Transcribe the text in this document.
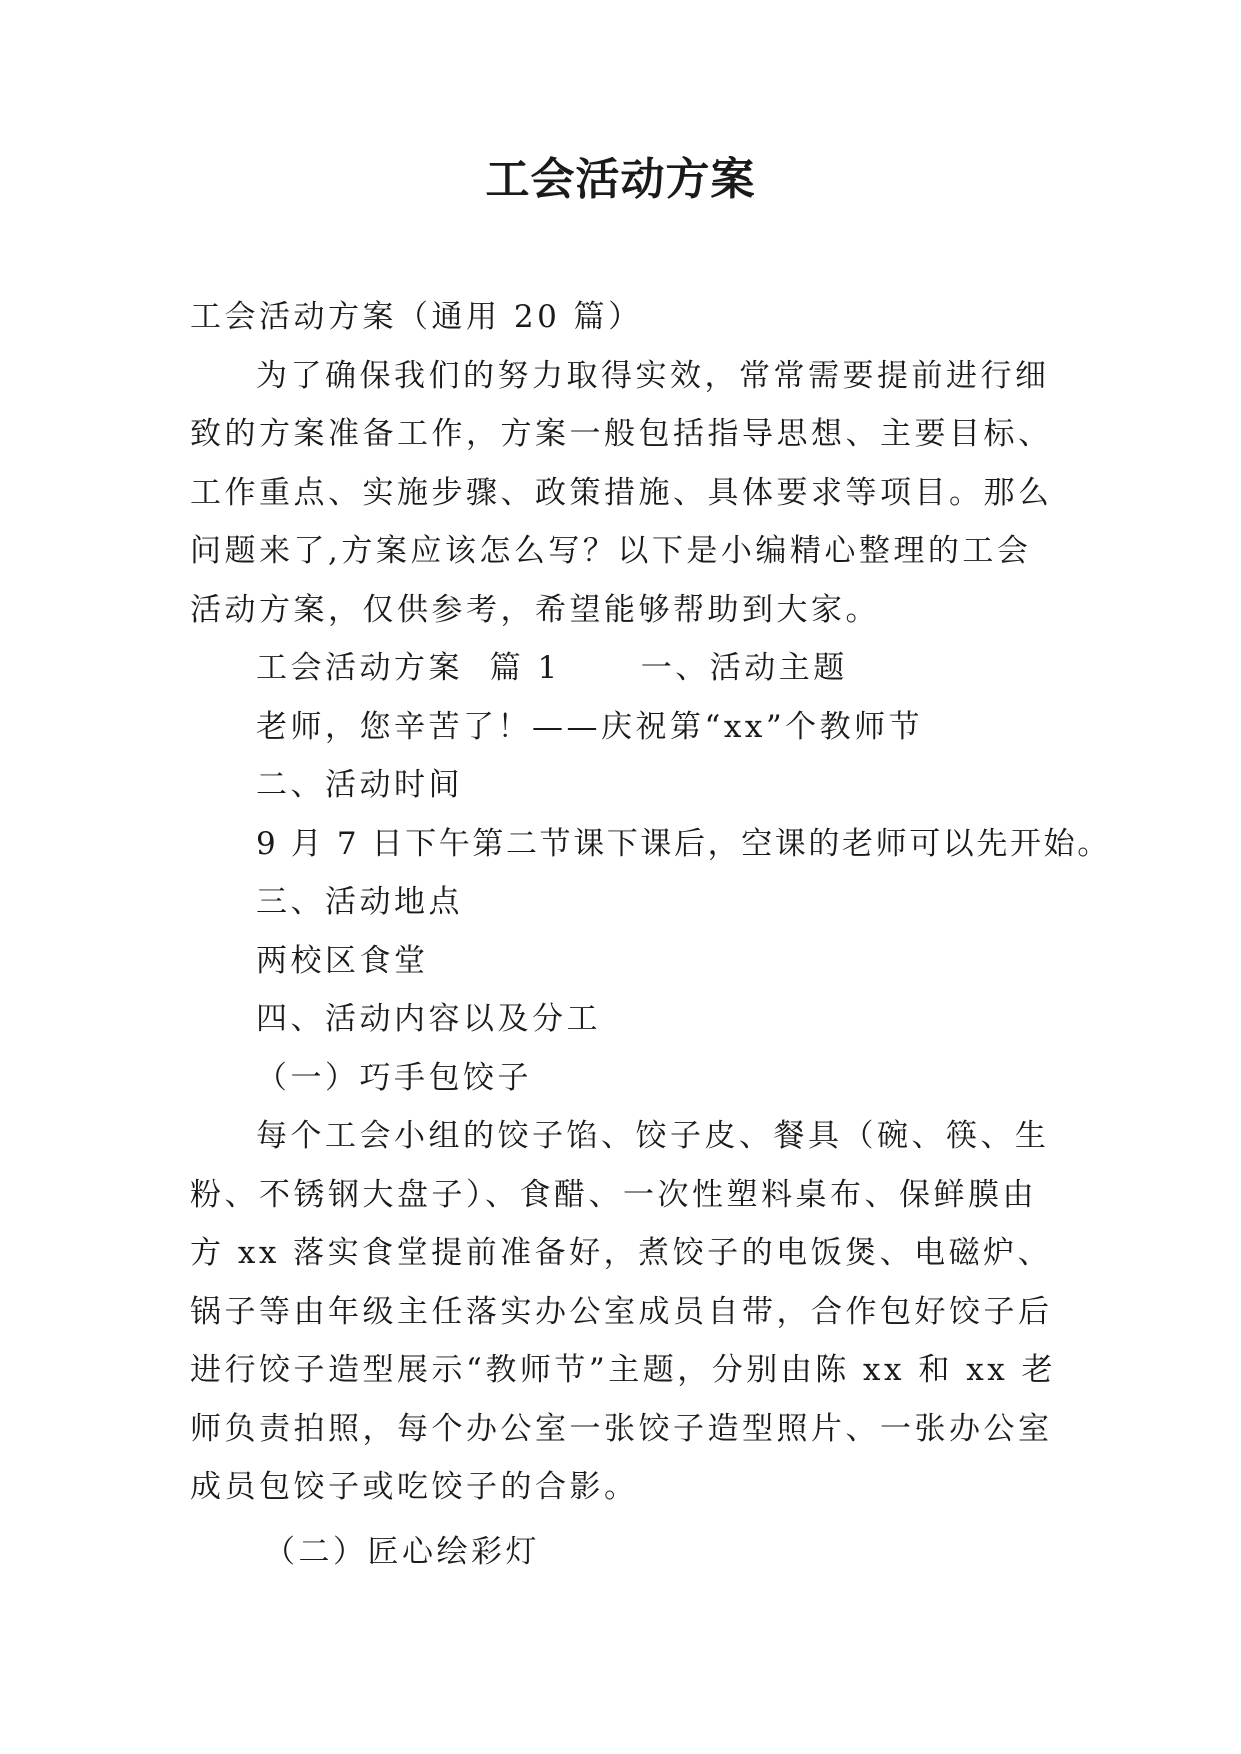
工会活动方案

工会活动方案（通用 20 篇）

为了确保我们的努力取得实效，常常需要提前进行细致的方案准备工作，方案一般包括指导思想、主要目标、工作重点、实施步骤、政策措施、具体要求等项目。那么问题来了,方案应该怎么写？以下是小编精心整理的工会活动方案，仅供参考，希望能够帮助到大家。

工会活动方案  篇 1	一、活动主题

老师，您辛苦了！——庆祝第“xx”个教师节

二、活动时间

9 月 7 日下午第二节课下课后，空课的老师可以先开始。

三、活动地点

两校区食堂

四、活动内容以及分工

（一）巧手包饺子

每个工会小组的饺子馅、饺子皮、餐具（碗、筷、生粉、不锈钢大盘子）、食醋、一次性塑料桌布、保鲜膜由方 xx 落实食堂提前准备好，煮饺子的电饭煲、电磁炉、锅子等由年级主任落实办公室成员自带，合作包好饺子后进行饺子造型展示“教师节”主题，分别由陈 xx 和 xx 老师负责拍照，每个办公室一张饺子造型照片、一张办公室成员包饺子或吃饺子的合影。

（二）匠心绘彩灯
